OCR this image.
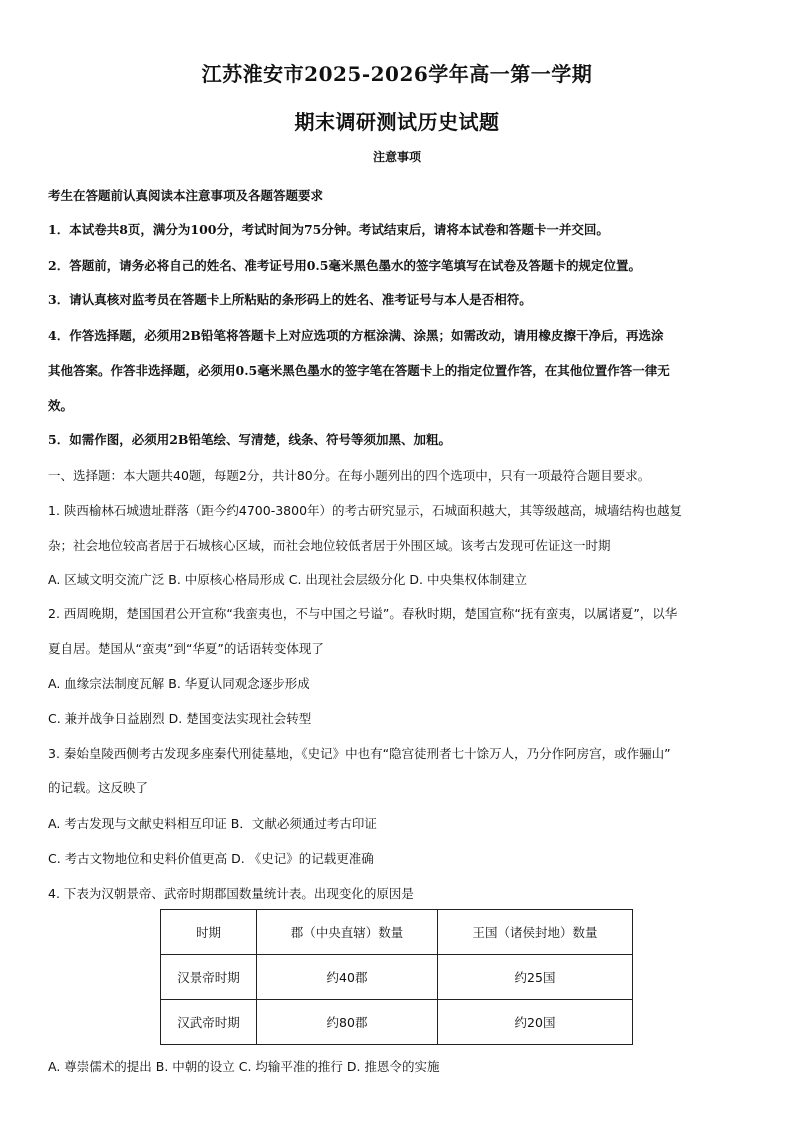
江苏淮安市2025-2026学年高一第一学期
期末调研测试历史试题
注意事项
考生在答题前认真阅读本注意事项及各题答题要求
1．本试卷共8页，满分为100分，考试时间为75分钟。考试结束后，请将本试卷和答题卡一并交回。
2．答题前，请务必将自己的姓名、准考证号用0.5毫米黑色墨水的签字笔填写在试卷及答题卡的规定位置。
3．请认真核对监考员在答题卡上所粘贴的条形码上的姓名、准考证号与本人是否相符。
4．作答选择题，必须用2B铅笔将答题卡上对应选项的方框涂满、涂黑；如需改动，请用橡皮擦干净后，再选涂
其他答案。作答非选择题，必须用0.5毫米黑色墨水的签字笔在答题卡上的指定位置作答，在其他位置作答一律无
效。
5．如需作图，必须用2B铅笔绘、写清楚，线条、符号等须加黑、加粗。
一、选择题：本大题共40题，每题2分，共计80分。在每小题列出的四个选项中，只有一项最符合题目要求。
1. 陕西榆林石城遗址群落（距今约4700-3800年）的考古研究显示，石城面积越大，其等级越高，城墙结构也越复
杂；社会地位较高者居于石城核心区域，而社会地位较低者居于外围区域。该考古发现可佐证这一时期
A. 区域文明交流广泛 B. 中原核心格局形成 C. 出现社会层级分化 D. 中央集权体制建立
2. 西周晚期，楚国国君公开宣称“我蛮夷也，不与中国之号谥”。春秋时期，楚国宣称“抚有蛮夷，以属诸夏”，以华
夏自居。楚国从“蛮夷”到“华夏”的话语转变体现了
A. 血缘宗法制度瓦解 B. 华夏认同观念逐步形成
C. 兼并战争日益剧烈 D. 楚国变法实现社会转型
3. 秦始皇陵西侧考古发现多座秦代刑徒墓地，《史记》中也有“隐宫徒刑者七十馀万人，乃分作阿房宫，或作骊山”
的记载。这反映了
A. 考古发现与文献史料相互印证 B．文献必须通过考古印证
C. 考古文物地位和史料价值更高 D. 《史记》的记载更准确
4. 下表为汉朝景帝、武帝时期郡国数量统计表。出现变化的原因是
时期	郡（中央直辖）数量	王国（诸侯封地）数量
汉景帝时期	约40郡	约25国
汉武帝时期	约80郡	约20国
A. 尊崇儒术的提出 B. 中朝的设立 C. 均输平准的推行 D. 推恩令的实施
